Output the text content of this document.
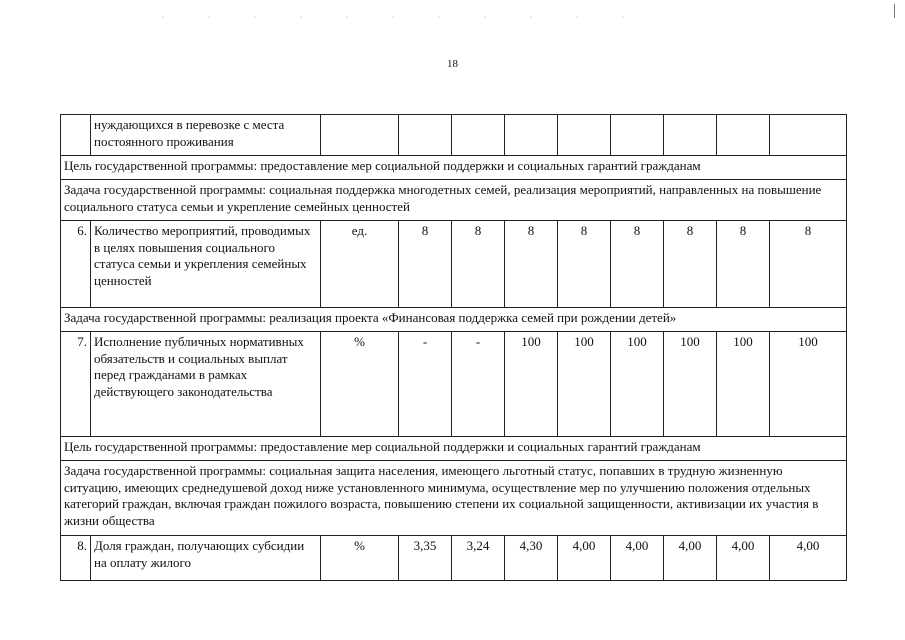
18
	нуждающихся в перевозке с места постоянного проживания									
Цель государственной программы: предоставление мер социальной поддержки и социальных гарантий гражданам										
Задача государственной программы: социальная поддержка многодетных семей, реализация мероприятий, направленных на повышение социального статуса семьи и укрепление семейных ценностей										
6.	Количество мероприятий, проводимых в целях повышения социального статуса семьи и укрепления семейных ценностей	ед.	8	8	8	8	8	8	8	8
Задача государственной программы: реализация проекта «Финансовая поддержка семей при рождении детей»										
7.	Исполнение публичных нормативных обязательств и социальных выплат перед гражданами в рамках действующего законодательства	%	-	-	100	100	100	100	100	100
Цель государственной программы: предоставление мер социальной поддержки и социальных гарантий гражданам										
Задача государственной программы: социальная защита населения, имеющего льготный статус, попавших в трудную жизненную ситуацию, имеющих среднедушевой доход ниже установленного минимума, осуществление мер по улучшению положения отдельных категорий граждан, включая граждан пожилого возраста, повышению степени их социальной защищенности, активизации их участия в жизни общества										
8.	Доля граждан, получающих субсидии на оплату жилого	%	3,35	3,24	4,30	4,00	4,00	4,00	4,00	4,00
